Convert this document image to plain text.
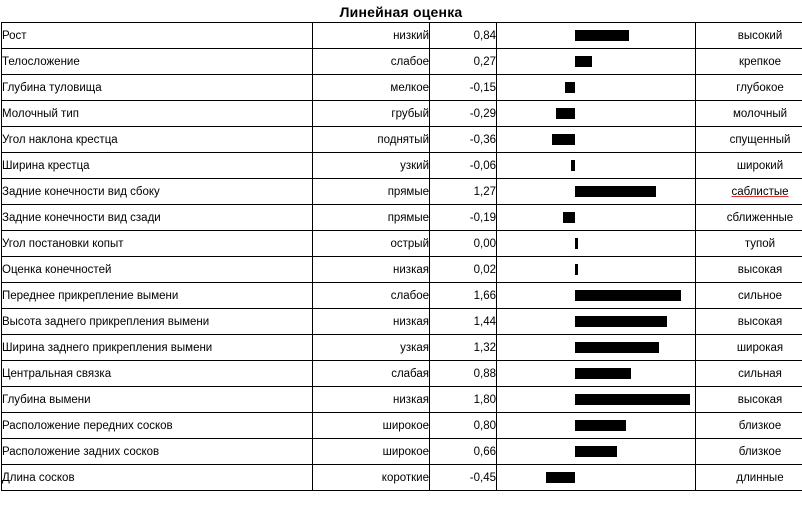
Линейная оценка
Рост	низкий	0,84		высокий
Телосложение	слабое	0,27		крепкое
Глубина туловища	мелкое	-0,15		глубокое
Молочный тип	грубый	-0,29		молочный
Угол наклона крестца	поднятый	-0,36		спущенный
Ширина крестца	узкий	-0,06		широкий
Задние конечности вид сбоку	прямые	1,27		саблистые
Задние конечности вид сзади	прямые	-0,19		сближенные
Угол постановки копыт	острый	0,00		тупой
Оценка конечностей	низкая	0,02		высокая
Переднее прикрепление вымени	слабое	1,66		сильное
Высота заднего прикрепления вымени	низкая	1,44		высокая
Ширина заднего прикрепления вымени	узкая	1,32		широкая
Центральная связка	слабая	0,88		сильная
Глубина вымени	низкая	1,80		высокая
Расположение передних сосков	широкое	0,80		близкое
Расположение задних сосков	широкое	0,66		близкое
Длина сосков	короткие	-0,45		длинные
